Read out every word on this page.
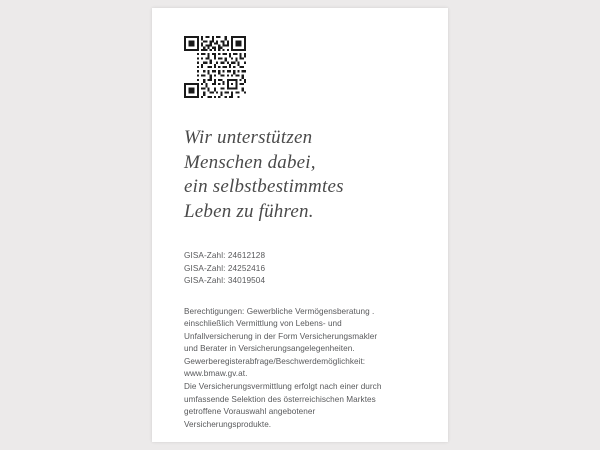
Wir unterstützen
Menschen dabei,
ein selbstbestimmtes
Leben zu führen.
GISA-Zahl: 24612128
GISA-Zahl: 24252416
GISA-Zahl: 34019504

Berechtigungen: Gewerbliche Vermögensberatung .

einschließlich Vermittlung von Lebens- und

Unfallversicherung in der Form Versicherungsmakler

und Berater in Versicherungsangelegenheiten.

Gewerberegisterabfrage/Beschwerdemöglichkeit:

www.bmaw.gv.at.

Die Versicherungsvermittlung erfolgt nach einer durch

umfassende Selektion des österreichischen Marktes

getroffene Vorauswahl angebotener

Versicherungsprodukte.
